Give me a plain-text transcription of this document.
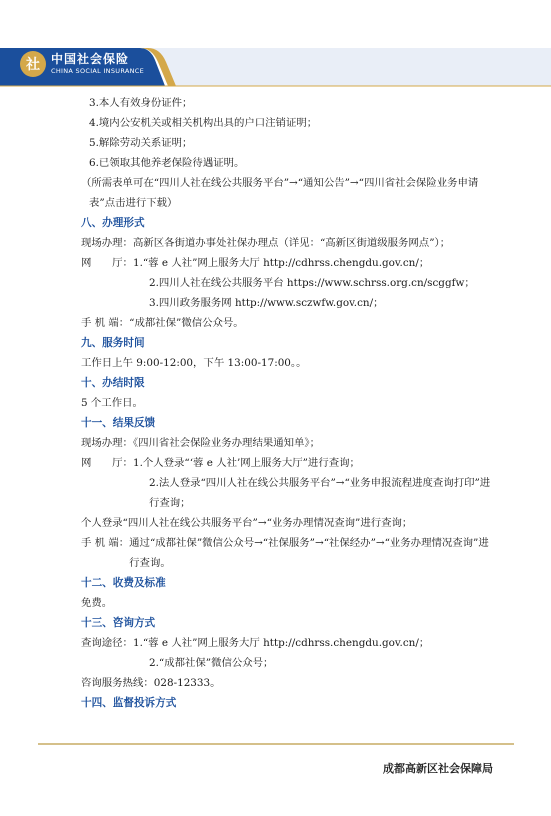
社 中国社会保险
CHINA SOCIAL INSURANCE
3.本人有效身份证件；
4.境内公安机关或相关机构出具的户口注销证明；
5.解除劳动关系证明；
6.已领取其他养老保险待遇证明。
（所需表单可在“四川人社在线公共服务平台”→“通知公告”→“四川省社会保险业务申请表”点击进行下载）
八、办理形式
现场办理： 高新区各街道办事处社保办理点（详见：“高新区街道级服务网点”）；
网　　厅： 1.“蓉 e 人社”网上服务大厅 http://cdhrss.chengdu.gov.cn/；
2.四川人社在线公共服务平台 https://www.schrss.org.cn/scggfw；
3.四川政务服务网 http://www.sczwfw.gov.cn/；
手 机 端： “成都社保”微信公众号。
九、服务时间
工作日上午 9:00-12:00，下午 13:00-17:00。。
十、办结时限
5 个工作日。
十一、结果反馈
现场办理：《四川省社会保险业务办理结果通知单》；
网　　厅： 1.个人登录“‘蓉 e 人社’网上服务大厅”进行查询；
2.法人登录“四川人社在线公共服务平台”→“业务申报流程进度查询打印”进行查询；
个人登录“四川人社在线公共服务平台”→“业务办理情况查询”进行查询；
手 机 端： 通过“成都社保”微信公众号→“社保服务”→“社保经办”→“业务办理情况查询”进行查询。
十二、收费及标准
免费。
十三、咨询方式
查询途径： 1.“蓉 e 人社”网上服务大厅 http://cdhrss.chengdu.gov.cn/；
2.“成都社保”微信公众号；
咨询服务热线：028-12333。
十四、监督投诉方式
成都高新区社会保障局
